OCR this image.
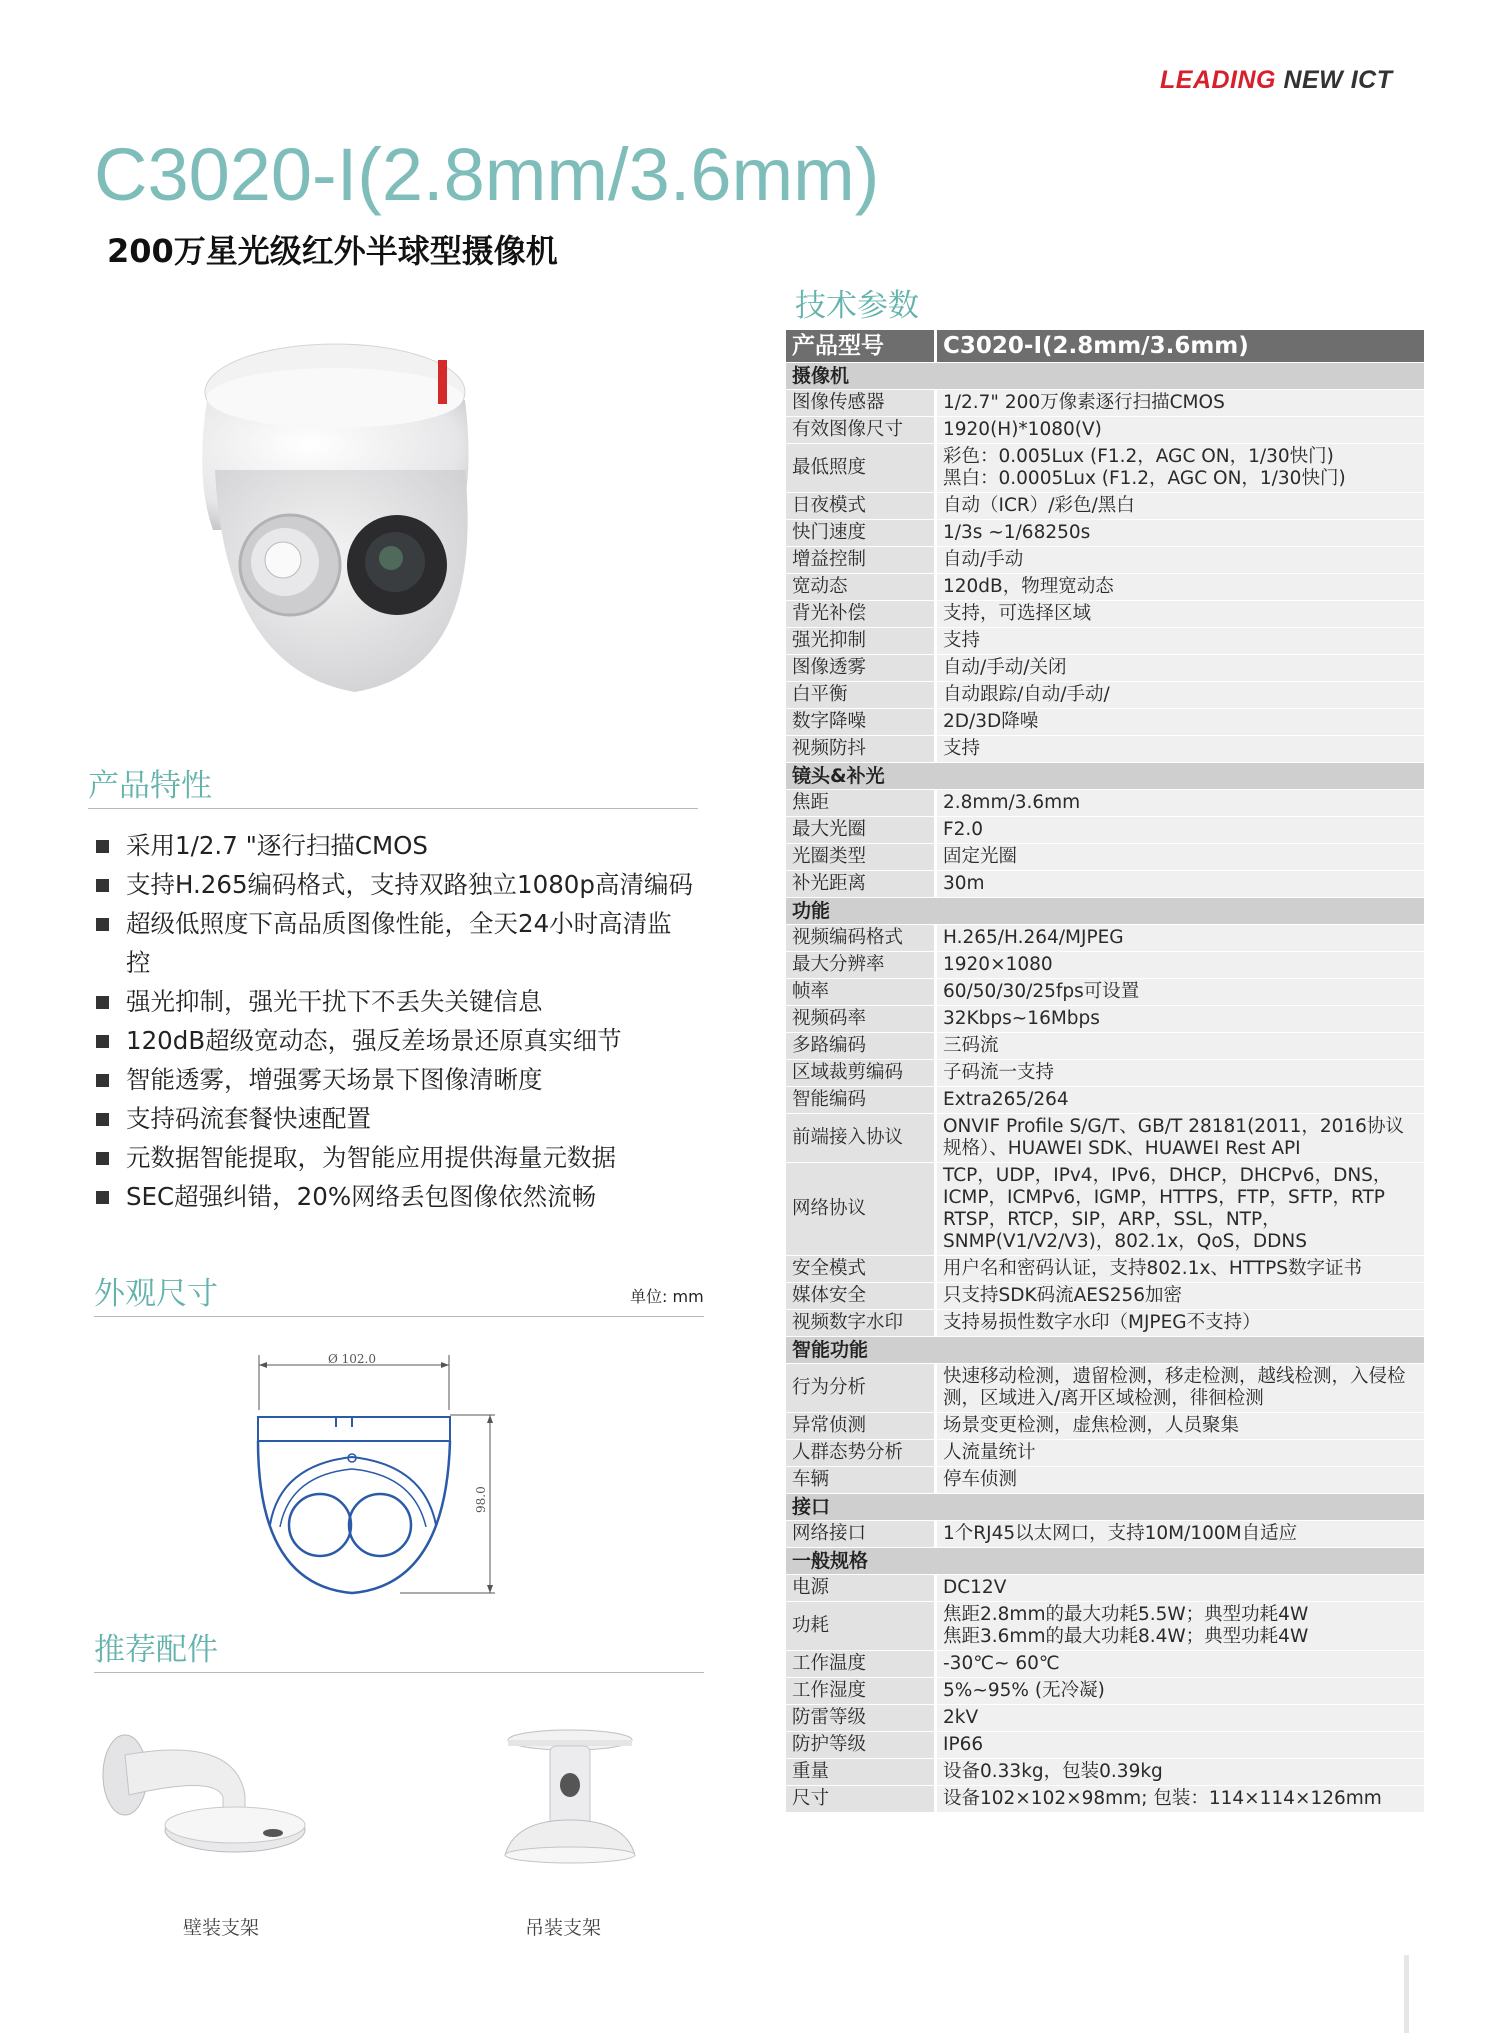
LEADING NEW ICT
C3020-I(2.8mm/3.6mm)
200万星光级红外半球型摄像机
产品特性
采用1/2.7 "逐行扫描CMOS
支持H.265编码格式，支持双路独立1080p高清编码
超级低照度下高品质图像性能，全天24小时高清监控
强光抑制，强光干扰下不丢失关键信息
120dB超级宽动态，强反差场景还原真实细节
智能透雾，增强雾天场景下图像清晰度
支持码流套餐快速配置
元数据智能提取，为智能应用提供海量元数据
SEC超强纠错，20%网络丢包图像依然流畅
外观尺寸	单位: mm
Ø 102.0
98.0
推荐配件
壁装支架	吊装支架
技术参数
产品型号	C3020-I(2.8mm/3.6mm)
摄像机	
图像传感器	1/2.7" 200万像素逐行扫描CMOS
有效图像尺寸	1920(H)*1080(V)
最低照度	彩色：0.005Lux (F1.2，AGC ON，1/30快门)
黑白：0.0005Lux (F1.2，AGC ON，1/30快门)
日夜模式	自动（ICR）/彩色/黑白
快门速度	1/3s ~1/68250s
增益控制	自动/手动
宽动态	120dB，物理宽动态
背光补偿	支持，可选择区域
强光抑制	支持
图像透雾	自动/手动/关闭
白平衡	自动跟踪/自动/手动/
数字降噪	2D/3D降噪
视频防抖	支持
镜头&补光	
焦距	2.8mm/3.6mm
最大光圈	F2.0
光圈类型	固定光圈
补光距离	30m
功能	
视频编码格式	H.265/H.264/MJPEG
最大分辨率	1920×1080
帧率	60/50/30/25fps可设置
视频码率	32Kbps~16Mbps
多路编码	三码流
区域裁剪编码	子码流一支持
智能编码	Extra265/264
前端接入协议	ONVIF Profile S/G/T、GB/T 28181(2011，2016协议规格）、HUAWEI SDK、HUAWEI Rest API
网络协议	TCP，UDP，IPv4，IPv6，DHCP，DHCPv6，DNS，ICMP，ICMPv6，IGMP，HTTPS，FTP，SFTP，RTP RTSP，RTCP，SIP，ARP，SSL，NTP，SNMP(V1/V2/V3)，802.1x，QoS，DDNS
安全模式	用户名和密码认证，支持802.1x、HTTPS数字证书
媒体安全	只支持SDK码流AES256加密
视频数字水印	支持易损性数字水印（MJPEG不支持）
智能功能	
行为分析	快速移动检测，遗留检测，移走检测，越线检测，入侵检测，区域进入/离开区域检测，徘徊检测
异常侦测	场景变更检测，虚焦检测，人员聚集
人群态势分析	人流量统计
车辆	停车侦测
接口	
网络接口	1个RJ45以太网口，支持10M/100M自适应
一般规格	
电源	DC12V
功耗	焦距2.8mm的最大功耗5.5W；典型功耗4W
焦距3.6mm的最大功耗8.4W；典型功耗4W
工作温度	-30℃~ 60℃
工作湿度	5%~95% (无冷凝)
防雷等级	2kV
防护等级	IP66
重量	设备0.33kg，包装0.39kg
尺寸	设备102×102×98mm; 包装：114×114×126mm
